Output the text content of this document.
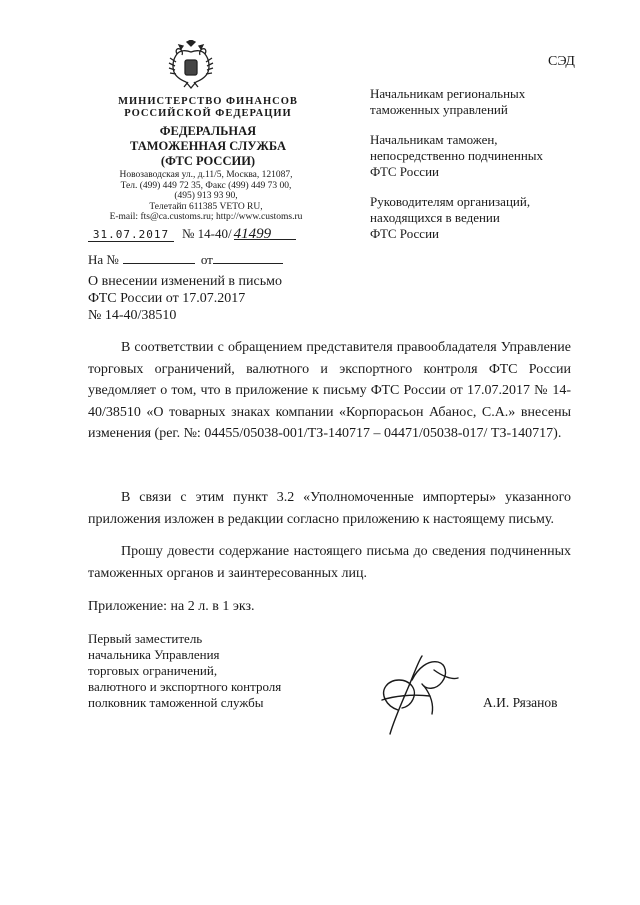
СЭД
МИНИСТЕРСТВО ФИНАНСОВ
РОССИЙСКОЙ ФЕДЕРАЦИИ
ФЕДЕРАЛЬНАЯ
ТАМОЖЕННАЯ СЛУЖБА
(ФТС РОССИИ)
Новозаводская ул., д.11/5, Москва, 121087,
Тел. (499) 449 72 35, Факс (499) 449 73 00,
(495) 913 93 90,
Телетайп 611385 VETO RU,
E-mail: fts@ca.customs.ru; http://www.customs.ru
31.07.2017 № 14-40/ 41499
На №	от
Начальникам региональных
таможенных управлений
Начальникам таможен,
непосредственно подчиненных
ФТС России
Руководителям организаций,
находящихся в ведении
ФТС России
О внесении изменений в письмо
ФТС России от 17.07.2017
№ 14-40/38510

В соответствии с обращением представителя правообладателя Управление торговых ограничений, валютного и экспортного контроля ФТС России уведомляет о том, что в приложение к письму ФТС России от 17.07.2017 № 14-40/38510 «О товарных знаках компании «Корпорасьон Абанос, С.А.» внесены изменения (рег. №: 04455/05038-001/ТЗ-140717 – 04471/05038-017/ ТЗ-140717).

В связи с этим пункт 3.2 «Уполномоченные импортеры» указанного приложения изложен в редакции согласно приложению к настоящему письму.

Прошу довести содержание настоящего письма до сведения подчиненных таможенных органов и заинтересованных лиц.

Приложение: на 2 л. в 1 экз.
Первый заместитель
начальника Управления
торговых ограничений,
валютного и экспортного контроля
полковник таможенной службы	А.И. Рязанов
